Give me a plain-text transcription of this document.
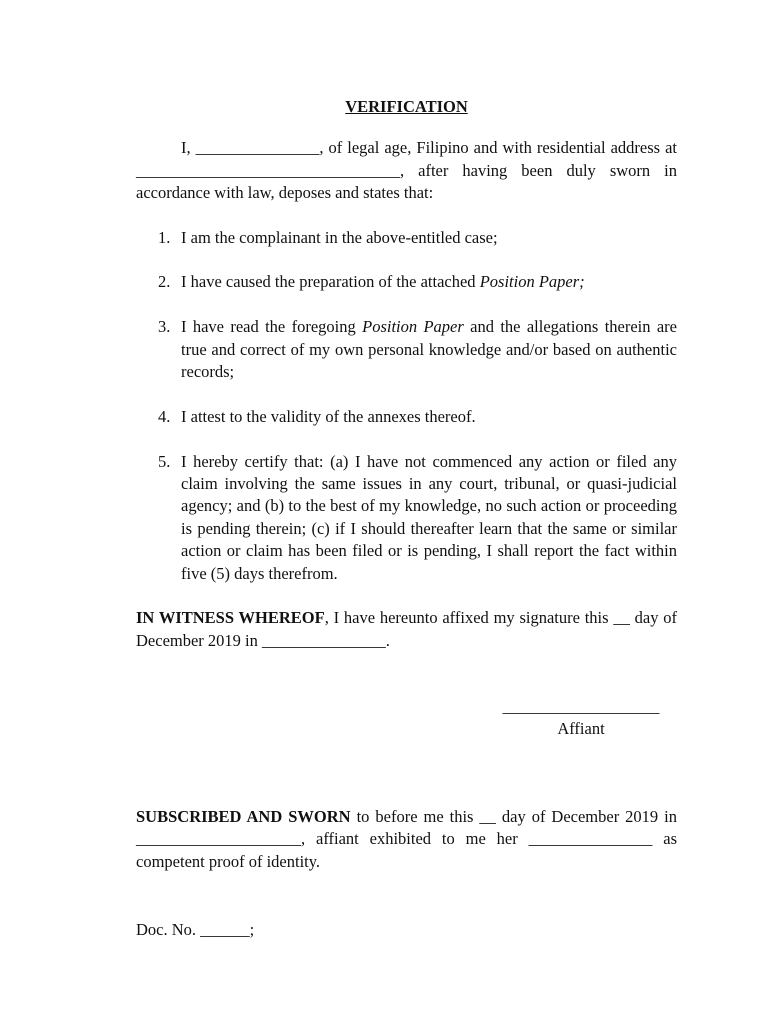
VERIFICATION

I, _______________, of legal age, Filipino and with residential address at ________________________________, after having been duly sworn in accordance with law, deposes and states that:

1. I am the complainant in the above-entitled case;
2. I have caused the preparation of the attached Position Paper;
3. I have read the foregoing Position Paper and the allegations therein are true and correct of my own personal knowledge and/or based on authentic records;
4. I attest to the validity of the annexes thereof.
5. I hereby certify that: (a) I have not commenced any action or filed any claim involving the same issues in any court, tribunal, or quasi-judicial agency; and (b) to the best of my knowledge, no such action or proceeding is pending therein; (c) if I should thereafter learn that the same or similar action or claim has been filed or is pending, I shall report the fact within five (5) days therefrom.

IN WITNESS WHEREOF, I have hereunto affixed my signature this __ day of December 2019 in _______________.

___________________
Affiant

SUBSCRIBED AND SWORN to before me this __ day of December 2019 in ____________________, affiant exhibited to me her _______________ as competent proof of identity.

Doc. No. ______;
